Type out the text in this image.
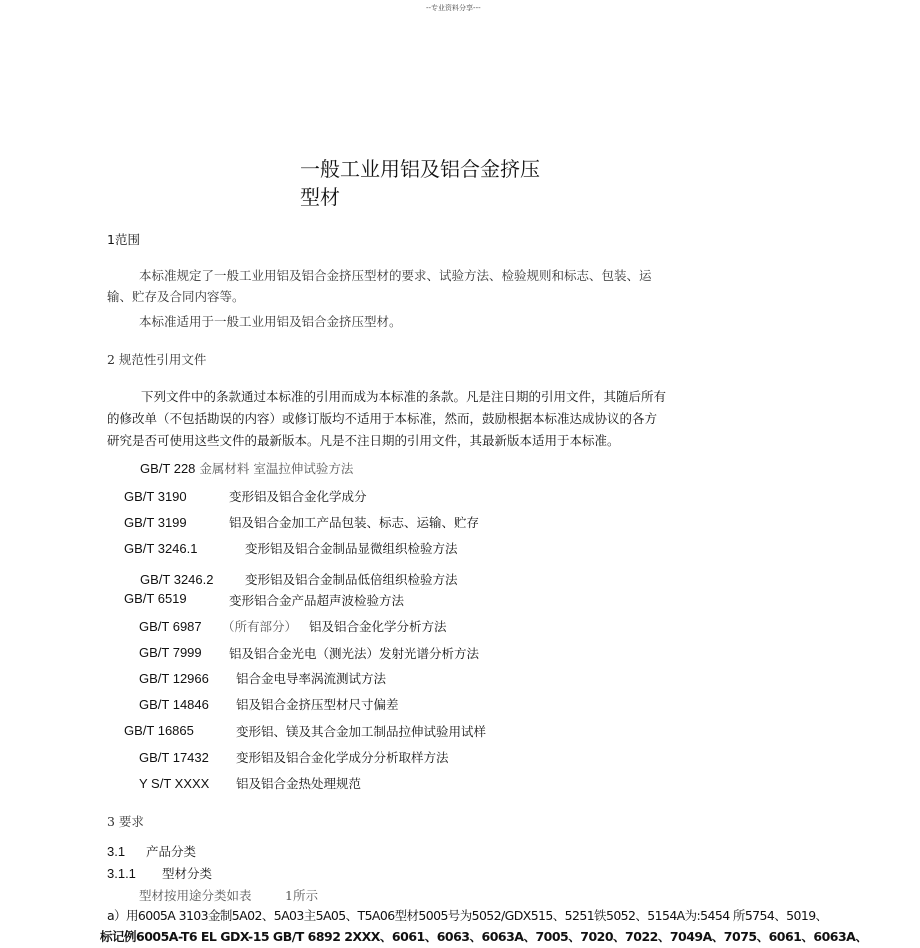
--专业资料分享---
一般工业用铝及铝合金挤压
型材
1范围
本标准规定了一般工业用铝及铝合金挤压型材的要求、试验方法、检验规则和标志、包装、运
输、贮存及合同内容等。
本标准适用于一般工业用铝及铝合金挤压型材。
2 规范性引用文件
下列文件中的条款通过本标准的引用而成为本标准的条款。凡是注日期的引用文件，其随后所有
的修改单（不包括勘误的内容）或修订版均不适用于本标准，然而，鼓励根据本标准达成协议的各方
研究是否可使用这些文件的最新版本。凡是不注日期的引用文件，其最新版本适用于本标准。
GB/T 228 金属材料 室温拉伸试验方法
GB/T 3190	变形铝及铝合金化学成分
GB/T 3199	铝及铝合金加工产品包装、标志、运输、贮存
GB/T 3246.1	变形铝及铝合金制品显微组织检验方法
GB/T 3246.2	变形铝及铝合金制品低倍组织检验方法
GB/T 6519	变形铝合金产品超声波检验方法
GB/T 6987 （所有部分） 铝及铝合金化学分析方法
GB/T 7999 铝及铝合金光电（测光法）发射光谱分析方法
GB/T 12966 铝合金电导率涡流测试方法
GB/T 14846 铝及铝合金挤压型材尺寸偏差
GB/T 16865	变形铝、镁及其合金加工制品拉伸试验用试样
GB/T 17432 变形铝及铝合金化学成分分析取样方法
Y S/T XXXX 铝及铝合金热处理规范
3 要求
3.1 产品分类
3.1.1 型材分类
型材按用途分类如表	1所示
a）用6005A 3103金制5A02、5A03主5A05、T5A06型材5005号为5052/GDX515、5251铁5052、5154A为:5454 所5754、5019、
标记例6005A-T6 EL GDX-15 GB/T 6892 2XXX、6061、6063、6063A、7005、7020、7022、7049A、7075、6061、6063A、
